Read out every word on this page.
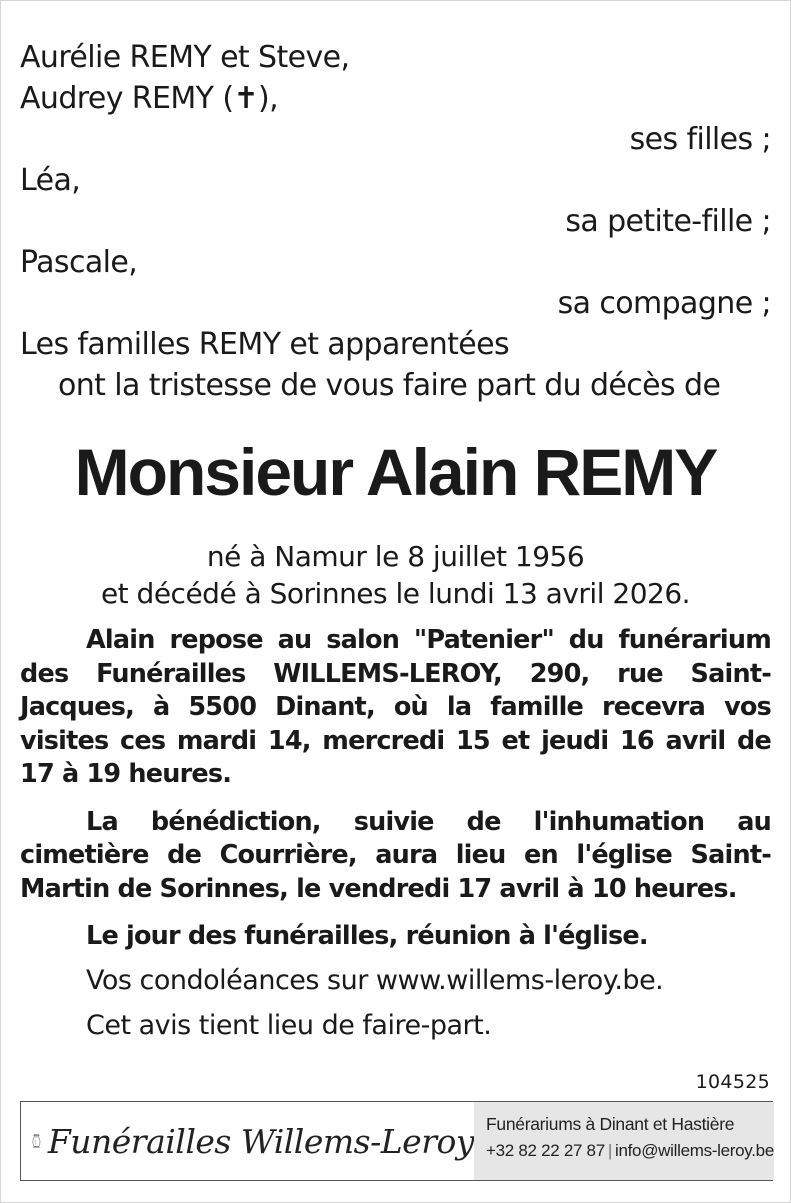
Aurélie REMY et Steve,
Audrey REMY (✝),
ses filles ;
Léa,
sa petite-fille ;
Pascale,
sa compagne ;
Les familles REMY et apparentées
ont la tristesse de vous faire part du décès de
Monsieur Alain REMY
né à Namur le 8 juillet 1956
et décédé à Sorinnes le lundi 13 avril 2026.
Alain repose au salon "Patenier" du funérarium des Funérailles WILLEMS-LEROY, 290, rue Saint-Jacques, à 5500 Dinant, où la famille recevra vos visites ces mardi 14, mercredi 15 et jeudi 16 avril de 17 à 19 heures.
La bénédiction, suivie de l'inhumation au cimetière de Courrière, aura lieu en l'église Saint-Martin de Sorinnes, le vendredi 17 avril à 10 heures.
Le jour des funérailles, réunion à l'église.
Vos condoléances sur www.willems-leroy.be.
Cet avis tient lieu de faire-part.
104525
Funérailles Willems-Leroy Funérariums à Dinant et Hastière
+32 82 22 27 87 | info@willems-leroy.be
